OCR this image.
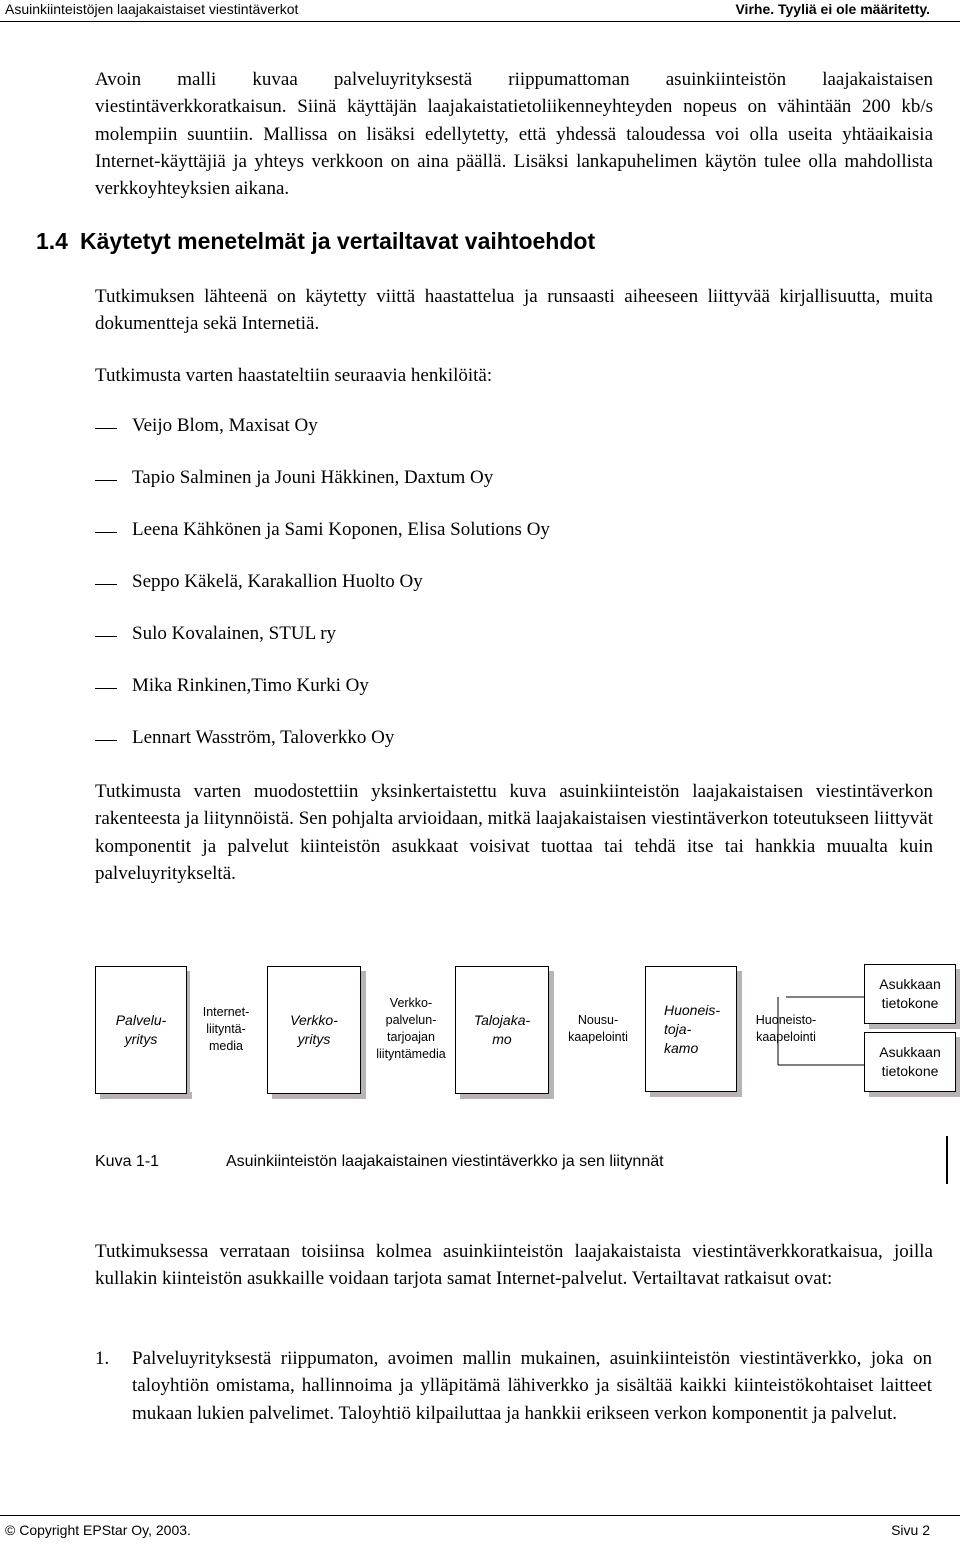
Asuinkiinteistöjen laajakaistaiset viestintäverkot	Virhe. Tyyliä ei ole määritetty.
Avoin malli kuvaa palveluyrityksestä riippumattoman asuinkiinteistön laajakaistaisen viestintäverkkoratkaisun. Siinä käyttäjän laajakaistatietoliikenneyhteyden nopeus on vähintään 200 kb/s molempiin suuntiin. Mallissa on lisäksi edellytetty, että yhdessä taloudessa voi olla useita yhtäaikaisia Internet-käyttäjiä ja yhteys verkkoon on aina päällä. Lisäksi lankapuhelimen käytön tulee olla mahdollista verkkoyhteyksien aikana.
1.4 Käytetyt menetelmät ja vertailtavat vaihtoehdot
Tutkimuksen lähteenä on käytetty viittä haastattelua ja runsaasti aiheeseen liittyvää kirjallisuutta, muita dokumentteja sekä Internetiä.
Tutkimusta varten haastateltiin seuraavia henkilöitä:
Veijo Blom, Maxisat Oy
Tapio Salminen ja Jouni Häkkinen, Daxtum Oy
Leena Kähkönen ja Sami Koponen, Elisa Solutions Oy
Seppo Käkelä, Karakallion Huolto Oy
Sulo Kovalainen, STUL ry
Mika Rinkinen,Timo Kurki Oy
Lennart Wasström, Taloverkko Oy
Tutkimusta varten muodostettiin yksinkertaistettu kuva asuinkiinteistön laajakaistaisen viestintäverkon rakenteesta ja liitynnöistä. Sen pohjalta arvioidaan, mitkä laajakaistaisen viestintäverkon toteutukseen liittyvät komponentit ja palvelut kiinteistön asukkaat voisivat tuottaa tai tehdä itse tai hankkia muualta kuin palveluyritykseltä.
Palvelu-
yritys
Internet-
liityntä-
media
Verkko-
yritys
Verkko-
palvelun-
tarjoajan
liityntämedia
Talojaka-
mo
Nousu-
kaapelointi
Huoneis-
toja-
kamo
Huoneisto-
kaapelointi
Asukkaan
tietokone
Asukkaan
tietokone
Kuva 1-1	Asuinkiinteistön laajakaistainen viestintäverkko ja sen liitynnät
Tutkimuksessa verrataan toisiinsa kolmea asuinkiinteistön laajakaistaista viestintäverkkoratkaisua, joilla kullakin kiinteistön asukkaille voidaan tarjota samat Internet-palvelut. Vertailtavat ratkaisut ovat:
1. Palveluyrityksestä riippumaton, avoimen mallin mukainen, asuinkiinteistön viestintäverkko, joka on taloyhtiön omistama, hallinnoima ja ylläpitämä lähiverkko ja sisältää kaikki kiinteistökohtaiset laitteet mukaan lukien palvelimet. Taloyhtiö kilpailuttaa ja hankkii erikseen verkon komponentit ja palvelut.
© Copyright EPStar Oy, 2003.	Sivu 2
